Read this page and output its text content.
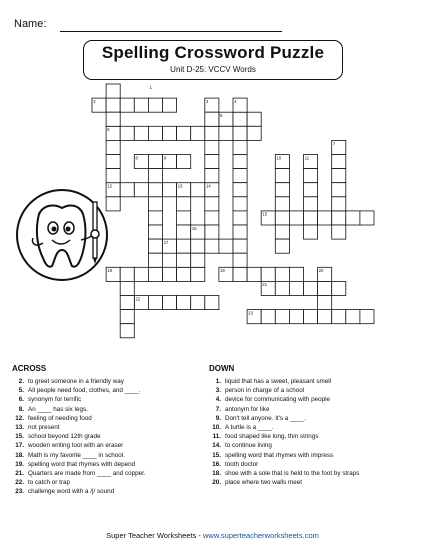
Name:
Spelling Crossword Puzzle
Unit D-25: VCCV Words
1
2	3	4
5
6
7
8	9	10	11
12	13	14
15
16
17
18	19	20
21
22
23
ACROSS
2. to greet someone in a friendly way
5. All people need food, clothes, and ____.
6. synonym for terrific
8. An ____ has six legs.
12. feeling of needing food
13. not present
15. school beyond 12th grade
17. wooden writing tool with an eraser
18. Math is my favorite ____ in school.
19. spelling word that rhymes with depend
21. Quarters are made from ____ and copper.
22. to catch or trap
23. challenge word with a /j/ sound
DOWN
1. liquid that has a sweet, pleasant smell
3. person in charge of a school
4. device for communicating with people
7. antonym for like
9. Don't tell anyone. It's a ____.
10. A turtle is a ____.
11. food shaped like long, thin strings
14. to continue living
15. spelling word that rhymes with impress
16. tooth doctor
18. shoe with a sole that is held to the foot by straps
20. place where two walls meet
Super Teacher Worksheets - www.superteacherworksheets.com
